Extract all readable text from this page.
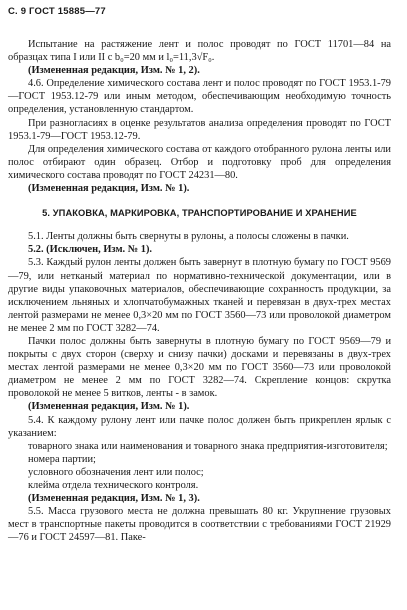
С. 9 ГОСТ 15885—77

Испытание на растяжение лент и полос проводят по ГОСТ 11701—84 на образцах типа I или II с b₀=20 мм и l₀=11,3√F₀.

(Измененная редакция, Изм. № 1, 2).

4.6. Определение химического состава лент и полос проводят по ГОСТ 1953.1-79—ГОСТ 1953.12-79 или иным методом, обеспечивающим необходимую точность определения, установленную стандартом.

При разногласиях в оценке результатов анализа определения проводят по ГОСТ 1953.1-79—ГОСТ 1953.12-79.

Для определения химического состава от каждого отобранного рулона ленты или полос отбирают один образец. Отбор и подготовку проб для определения химического состава проводят по ГОСТ 24231—80.

(Измененная редакция, Изм. № 1).

5. УПАКОВКА, МАРКИРОВКА, ТРАНСПОРТИРОВАНИЕ И ХРАНЕНИЕ

5.1. Ленты должны быть свернуты в рулоны, а полосы сложены в пачки.

5.2. (Исключен, Изм. № 1).

5.3. Каждый рулон ленты должен быть завернут в плотную бумагу по ГОСТ 9569—79, или нетканый материал по нормативно-технической документации, или в другие виды упаковочных материалов, обеспечивающие сохранность продукции, за исключением льняных и хлопчатобумажных тканей и перевязан в двух-трех местах лентой размерами не менее 0,3×20 мм по ГОСТ 3560—73 или проволокой диаметром не менее 2 мм по ГОСТ 3282—74.

Пачки полос должны быть завернуты в плотную бумагу по ГОСТ 9569—79 и покрыты с двух сторон (сверху и снизу пачки) досками и перевязаны в двух-трех местах лентой размерами не менее 0,3×20 мм по ГОСТ 3560—73 или проволокой диаметром не менее 2 мм по ГОСТ 3282—74. Скрепление концов: скрутка проволокой не менее 5 витков, ленты - в замок.

(Измененная редакция, Изм. № 1).

5.4. К каждому рулону лент или пачке полос должен быть прикреплен ярлык с указанием:

товарного знака или наименования и товарного знака предприятия-изготовителя;

номера партии;

условного обозначения лент или полос;

клейма отдела технического контроля.

(Измененная редакция, Изм. № 1, 3).

5.5. Масса грузового места не должна превышать 80 кг. Укрупнение грузовых мест в транспортные пакеты проводится в соответствии с требованиями ГОСТ 21929—76 и ГОСТ 24597—81. Паке-
